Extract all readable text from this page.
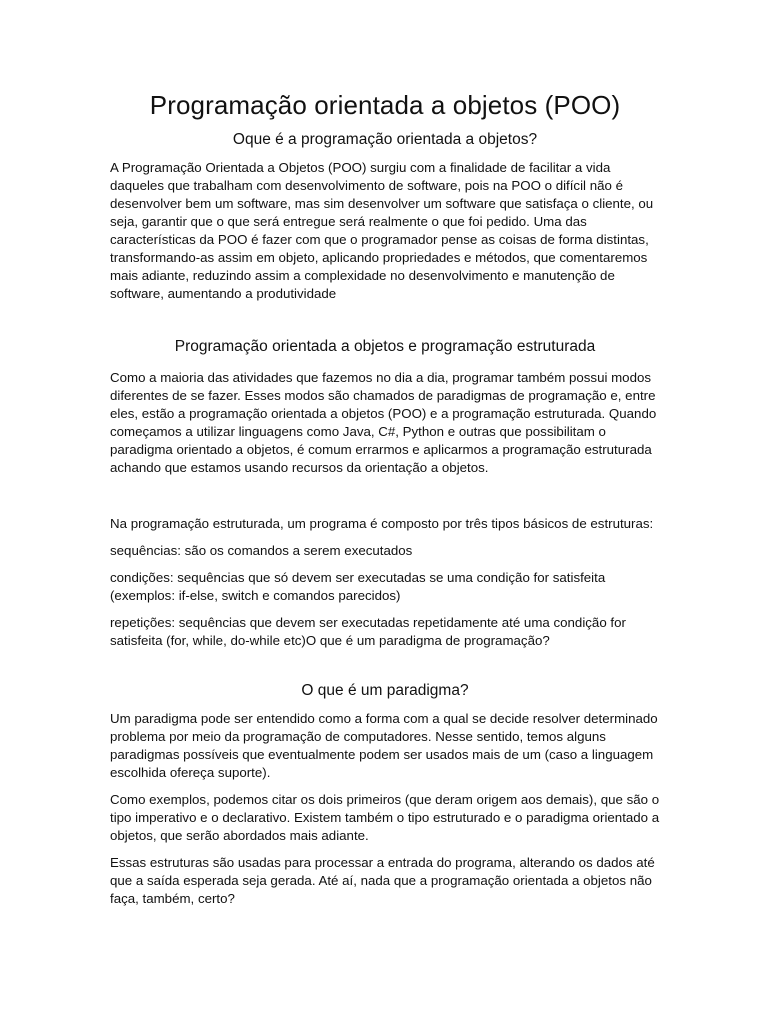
Programação orientada a objetos (POO)
Oque é a programação orientada a objetos?

A Programação Orientada a Objetos (POO) surgiu com a finalidade de facilitar a vida daqueles que trabalham com desenvolvimento de software, pois na POO o difícil não é desenvolver bem um software, mas sim desenvolver um software que satisfaça o cliente, ou seja, garantir que o que será entregue será realmente o que foi pedido. Uma das características da POO é fazer com que o programador pense as coisas de forma distintas, transformando-as assim em objeto, aplicando propriedades e métodos, que comentaremos mais adiante, reduzindo assim a complexidade no desenvolvimento e manutenção de software, aumentando a produtividade

Programação orientada a objetos e programação estruturada

Como a maioria das atividades que fazemos no dia a dia, programar também possui modos diferentes de se fazer. Esses modos são chamados de paradigmas de programação e, entre eles, estão a programação orientada a objetos (POO) e a programação estruturada. Quando começamos a utilizar linguagens como Java, C#, Python e outras que possibilitam o paradigma orientado a objetos, é comum errarmos e aplicarmos a programação estruturada achando que estamos usando recursos da orientação a objetos.

Na programação estruturada, um programa é composto por três tipos básicos de estruturas:

sequências: são os comandos a serem executados

condições: sequências que só devem ser executadas se uma condição for satisfeita (exemplos: if-else, switch e comandos parecidos)

repetições: sequências que devem ser executadas repetidamente até uma condição for satisfeita (for, while, do-while etc)O que é um paradigma de programação?

O que é um paradigma?

Um paradigma pode ser entendido como a forma com a qual se decide resolver determinado problema por meio da programação de computadores. Nesse sentido, temos alguns paradigmas possíveis que eventualmente podem ser usados mais de um (caso a linguagem escolhida ofereça suporte).

Como exemplos, podemos citar os dois primeiros (que deram origem aos demais), que são o tipo imperativo e o declarativo. Existem também o tipo estruturado e o paradigma orientado a objetos, que serão abordados mais adiante.

Essas estruturas são usadas para processar a entrada do programa, alterando os dados até que a saída esperada seja gerada. Até aí, nada que a programação orientada a objetos não faça, também, certo?
